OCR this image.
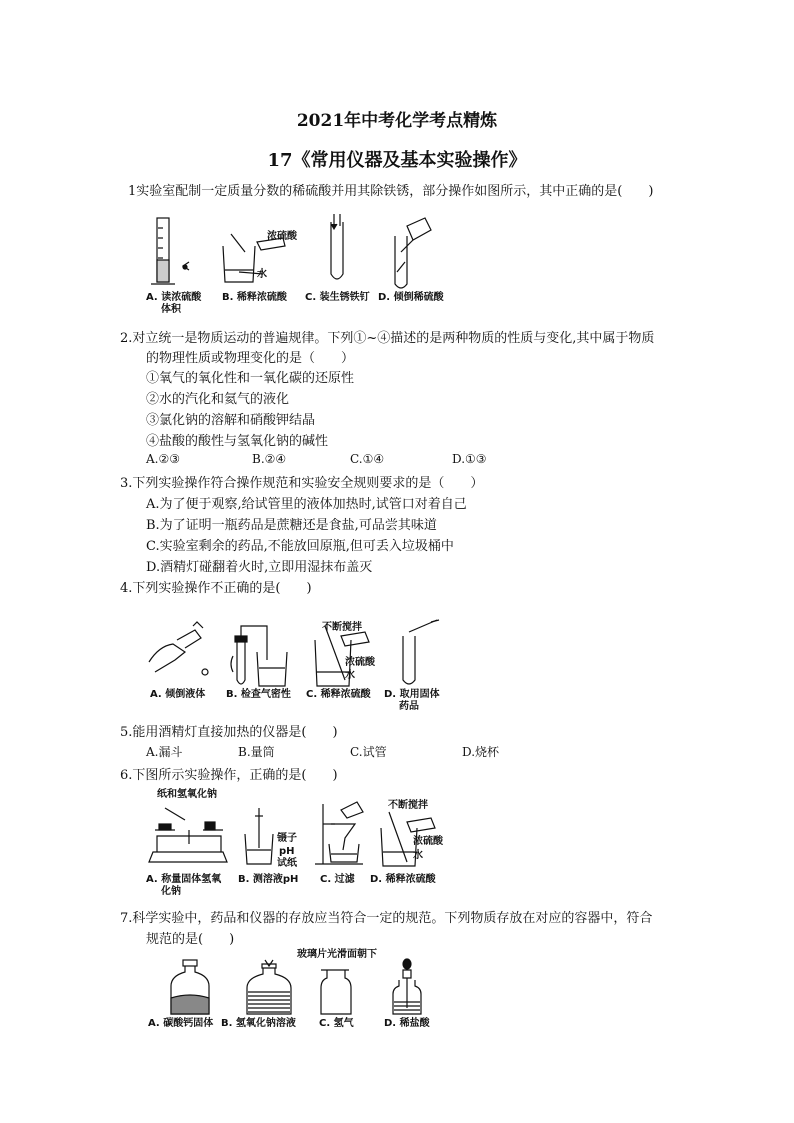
2021年中考化学考点精炼
17《常用仪器及基本实验操作》
1实验室配制一定质量分数的稀硫酸并用其除铁锈，部分操作如图所示，其中正确的是(　　)
浓硫酸
水
A. 读浓硫酸
体积
B. 稀释浓硫酸 C. 装生锈铁钉 D. 倾倒稀硫酸
2.对立统一是物质运动的普遍规律。下列①~④描述的是两种物质的性质与变化,其中属于物质
的物理性质或物理变化的是（　　）
①氧气的氧化性和一氧化碳的还原性
②水的汽化和氦气的液化
③氯化钠的溶解和硝酸钾结晶
④盐酸的酸性与氢氧化钠的碱性
A.②③	B.②④	C.①④	D.①③
3.下列实验操作符合操作规范和实验安全规则要求的是（　　）
A.为了便于观察,给试管里的液体加热时,试管口对着自己
B.为了证明一瓶药品是蔗糖还是食盐,可品尝其味道
C.实验室剩余的药品,不能放回原瓶,但可丢入垃圾桶中
D.酒精灯碰翻着火时,立即用湿抹布盖灭
4.下列实验操作不正确的是(　　)
不断搅拌
浓硫酸
水
A. 倾倒液体 B. 检查气密性 C. 稀释浓硫酸 D. 取用固体
药品
5.能用酒精灯直接加热的仪器是(　　)
A.漏斗	B.量筒	C.试管	D.烧杯
6.下图所示实验操作，正确的是(　　)
纸和氢氧化钠
镊子
pH
试纸
不断搅拌
浓硫酸
水
A. 称量固体氢氧
化钠
B. 测溶液pH C. 过滤 D. 稀释浓硫酸
7.科学实验中，药品和仪器的存放应当符合一定的规范。下列物质存放在对应的容器中，符合
规范的是(　　)
玻璃片光滑面朝下
A. 碳酸钙固体 B. 氢氧化钠溶液 C. 氢气	D. 稀盐酸
